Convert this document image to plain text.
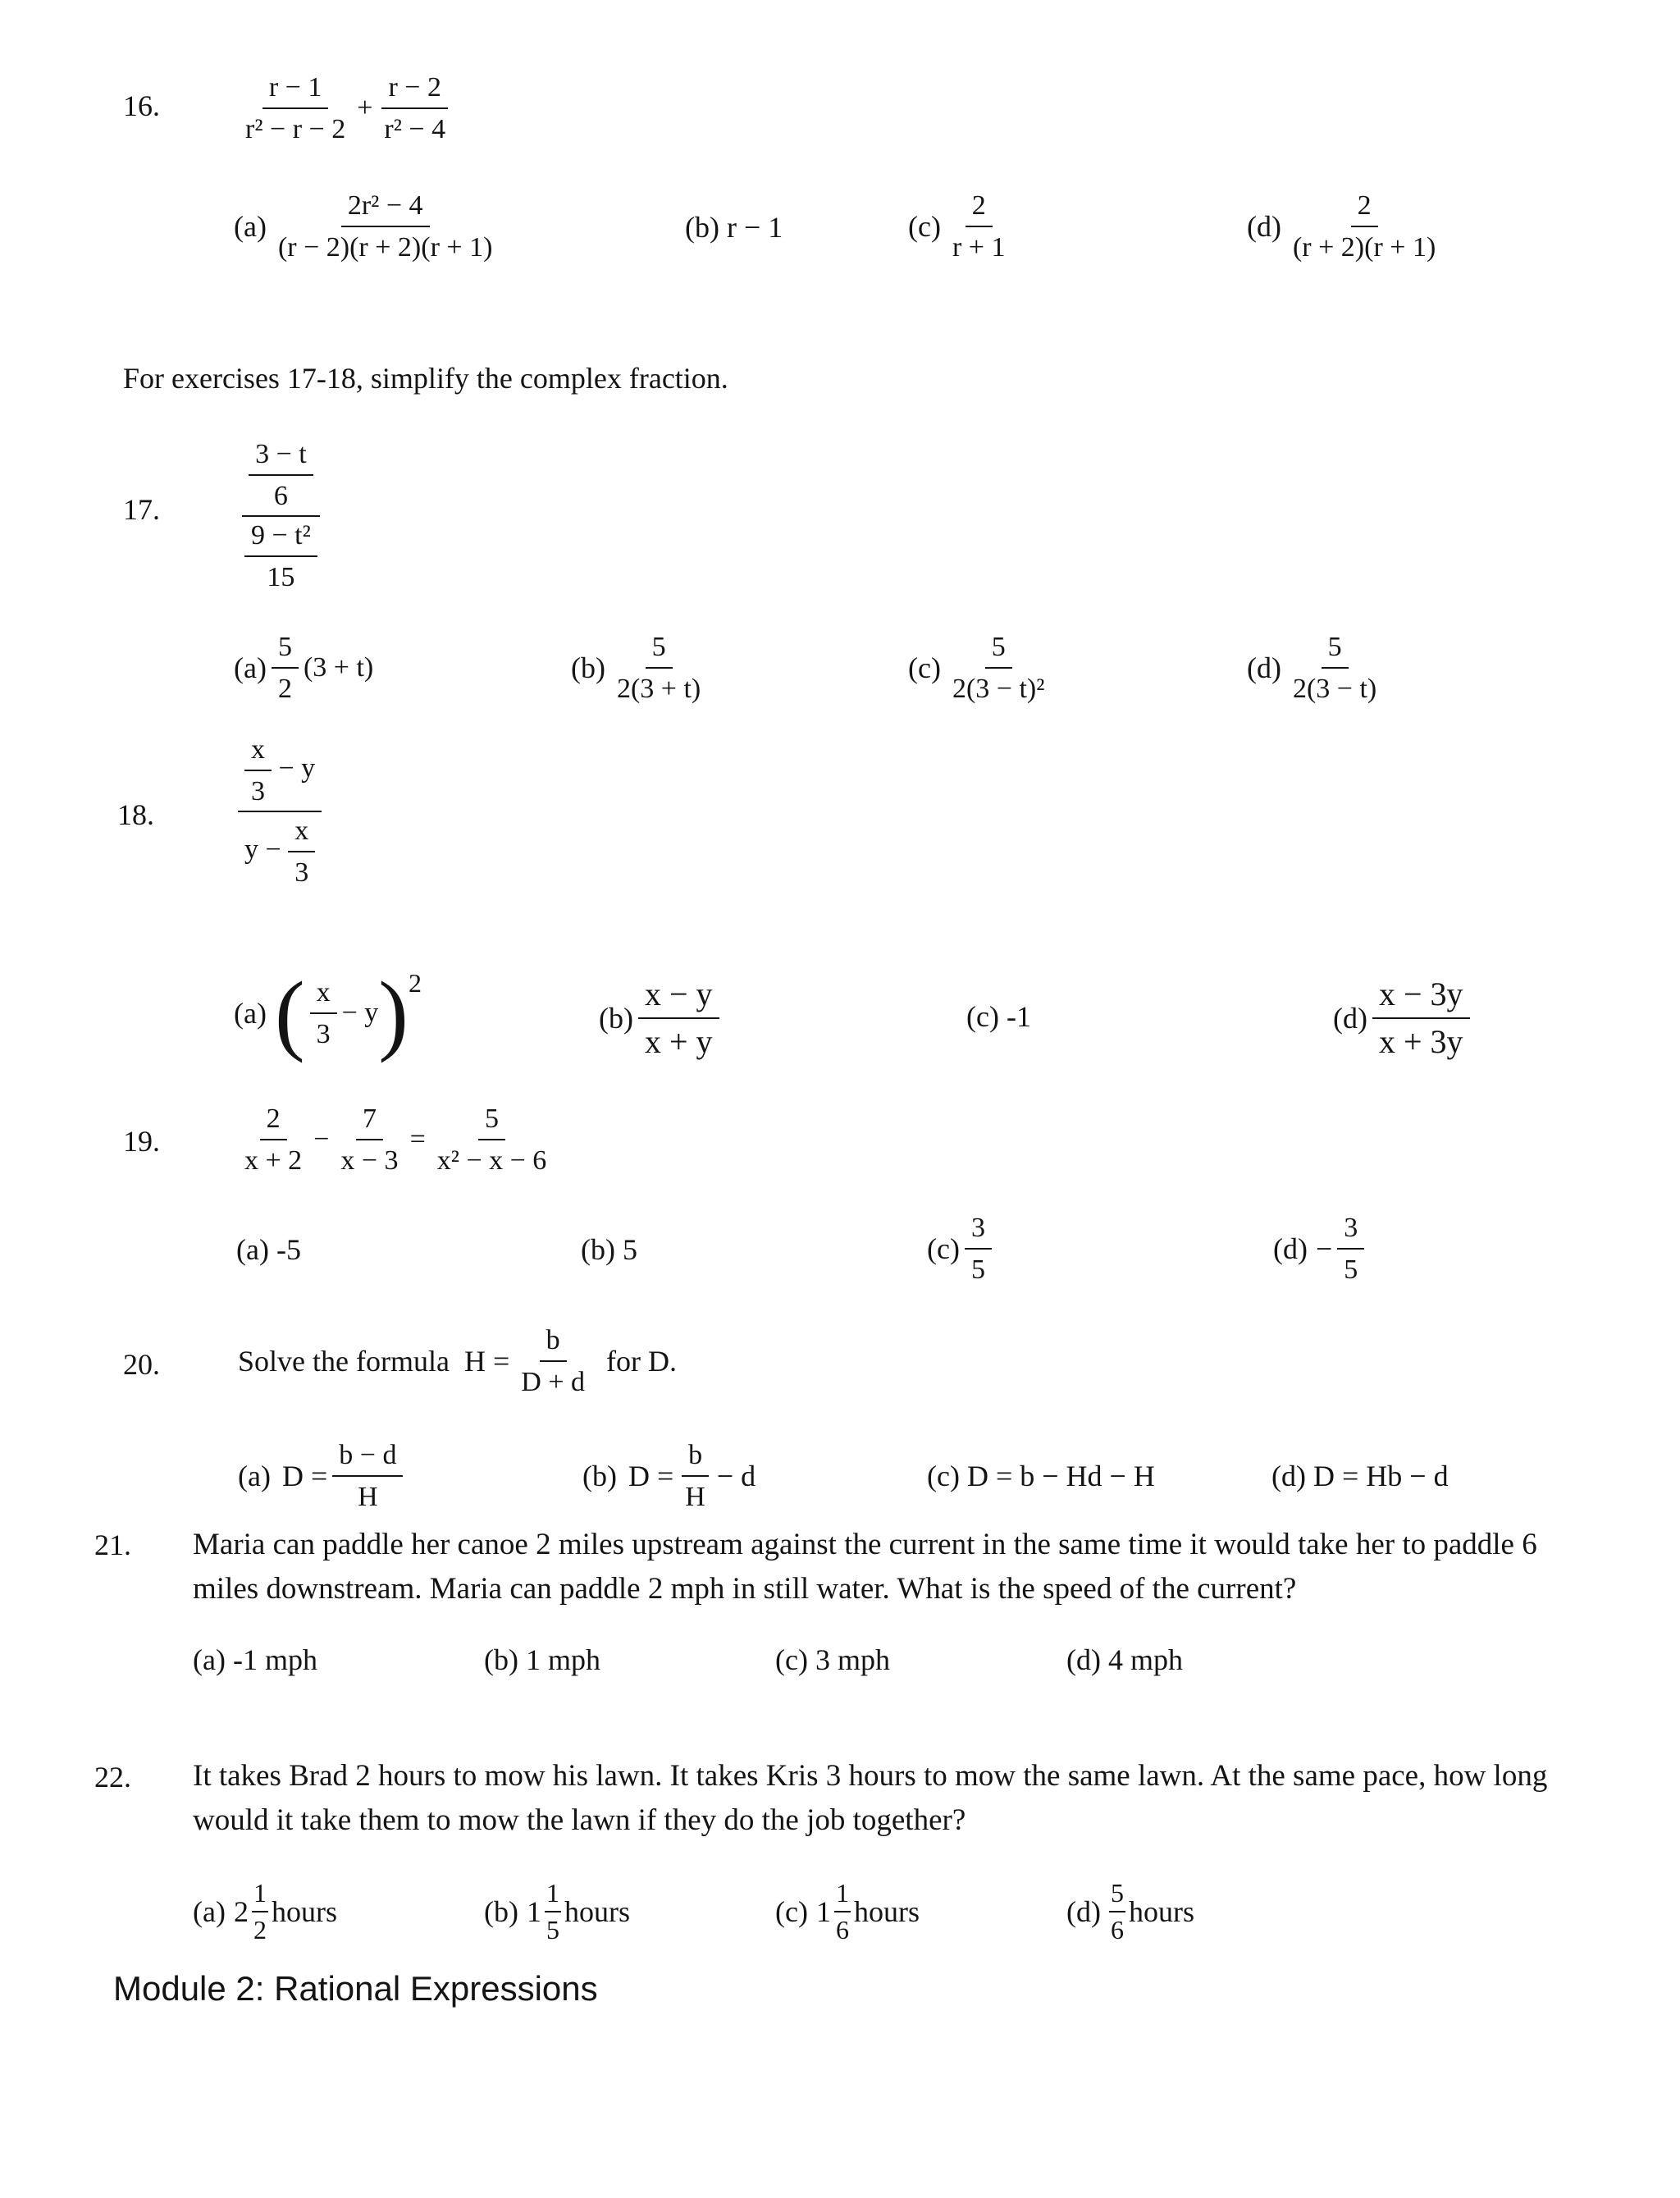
16.	$\frac{r - 1}{\text{r² − r − 2}} + \frac{r - 2}{\text{r² − 4}}$
$(a) \frac{\text{2r² − 4}}{(r - 2)(r + 2)(r + 1)}$	(b) r − 1	$(c) \frac{2}{r + 1}$	$(d) \frac{2}{(r + 2)(r + 1)}$
For exercises 17-18, simplify the complex fraction.
17.	$\frac{\frac{3 - t}{6}}{\frac{\text{9 − t²}}{15}}$
$(a) \frac{5}{2} (3 + t)$	$(b) \frac{5}{2(3 + t)}$	$(c) \frac{5}{\text{2(3 − t)²}}$	$(d) \frac{5}{2(3 - t)}$
18.	$\frac{\frac{x}{3} - y}{y - \frac{x}{3}}$
(a) ( $\frac{x}{3} - y$ ) 2
$(b) \frac{x - y}{x + y}$	(c) -1	$(d) \frac{x - 3y}{x + 3y}$
19.	$\frac{2}{x + 2} - \frac{7}{x - 3} = \frac{5}{\text{x² − x − 6}}$
(a) -5	(b) 5	$(c) \frac{3}{5}$	$(d) - \frac{3}{5}$
20.	Solve the formula $H = \frac{b}{D + d}$ for D.
(a) $D = \frac{b - d}{H}$	(b) $D = \frac{b}{H} - d$	(c) D = b − Hd − H	(d) D = Hb − d
21. Maria can paddle her canoe 2 miles upstream against the current in the same time it would take her to paddle 6 miles downstream. Maria can paddle 2 mph in still water. What is the speed of the current?
(a) -1 mph	(b) 1 mph	(c) 3 mph	(d) 4 mph
22. It takes Brad 2 hours to mow his lawn. It takes Kris 3 hours to mow the same lawn. At the same pace, how long would it take them to mow the lawn if they do the job together?
(a) $2 \frac{1}{2}$ hours	(b) $1 \frac{1}{5}$ hours	(c) $1 \frac{1}{6}$ hours	$(d) \frac{5}{6}$ hours
Module 2: Rational Expressions
